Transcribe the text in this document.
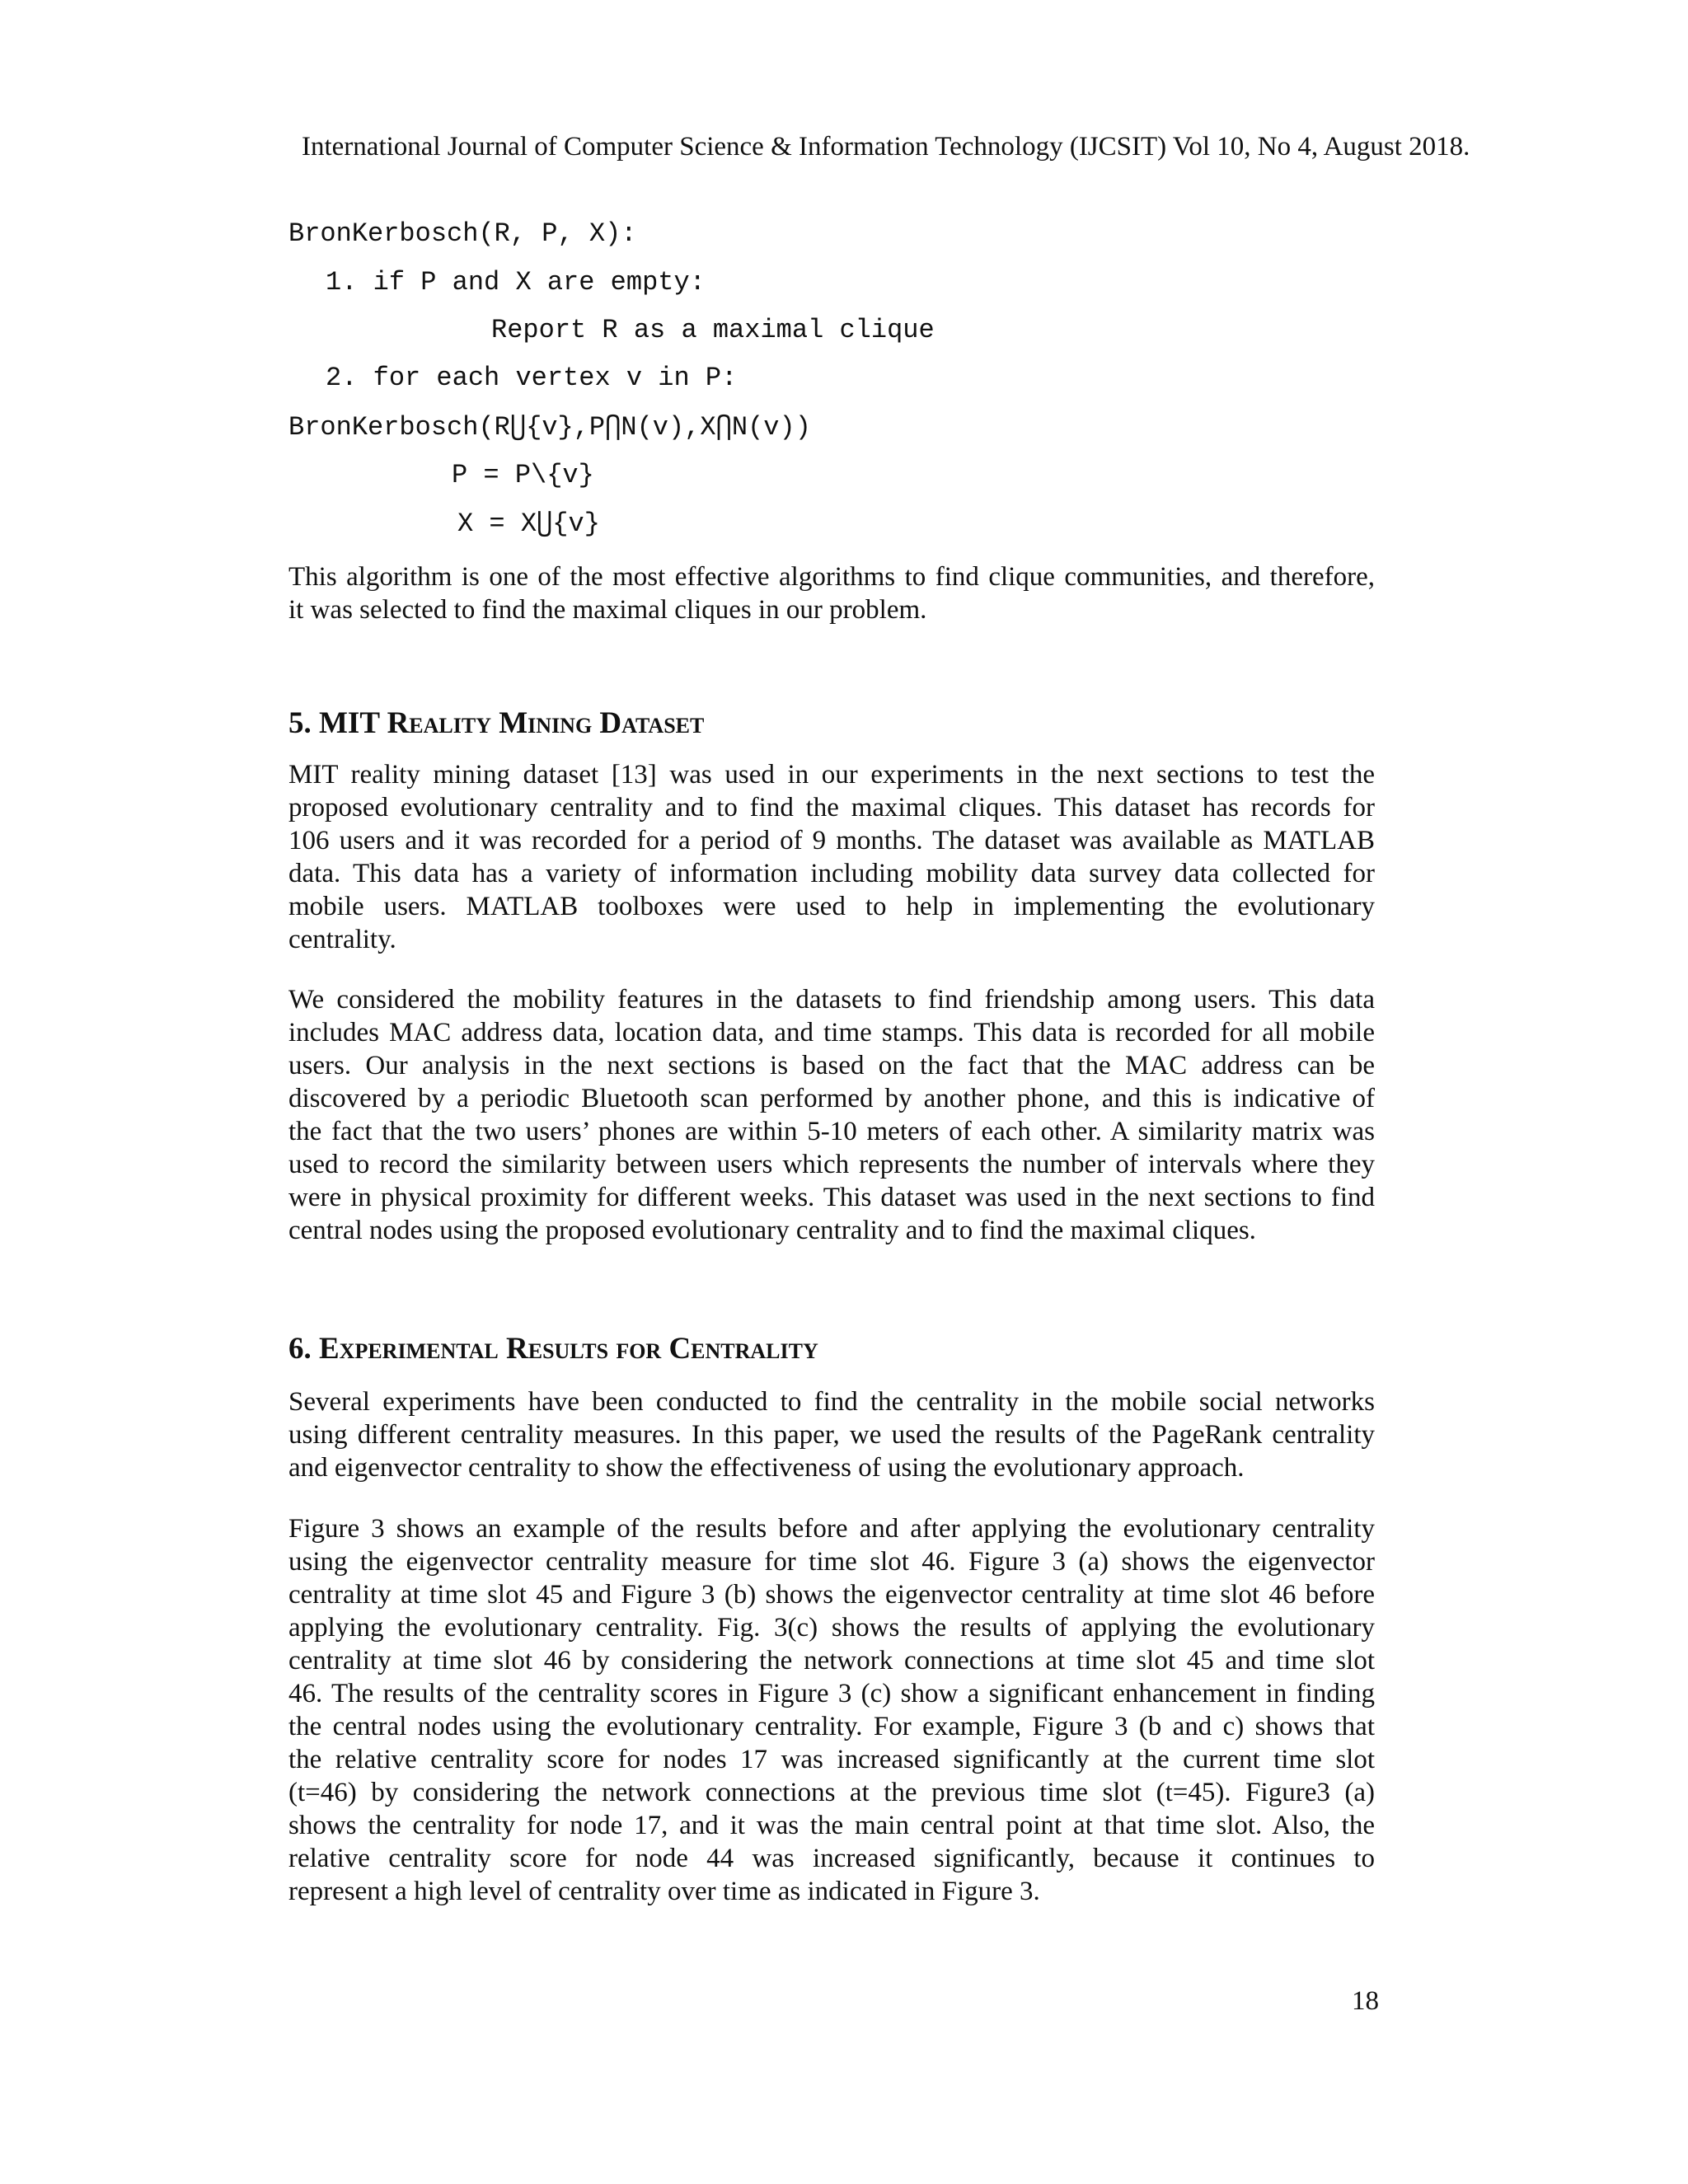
International Journal of Computer Science & Information Technology (IJCSIT) Vol 10, No 4, August 2018.
BronKerbosch(R, P, X):
1. if P and X are empty:
Report R as a maximal clique
2. for each vertex v in P:
BronKerbosch(R⋃{v},P⋂N(v),X⋂N(v))
P = P\{v}
X = X⋃{v}

This algorithm is one of the most effective algorithms to find clique communities, and therefore,
it was selected to find the maximal cliques in our problem.

5. MIT Reality Mining Dataset

MIT reality mining dataset [13] was used in our experiments in the next sections to test the
proposed evolutionary centrality and to find the maximal cliques. This dataset has records for
106 users and it was recorded for a period of 9 months. The dataset was available as MATLAB
data. This data has a variety of information including mobility data survey data collected for
mobile users. MATLAB toolboxes were used to help in implementing the evolutionary
centrality.

We considered the mobility features in the datasets to find friendship among users. This data
includes MAC address data, location data, and time stamps. This data is recorded for all mobile
users. Our analysis in the next sections is based on the fact that the MAC address can be
discovered by a periodic Bluetooth scan performed by another phone, and this is indicative of
the fact that the two users’ phones are within 5-10 meters of each other. A similarity matrix was
used to record the similarity between users which represents the number of intervals where they
were in physical proximity for different weeks. This dataset was used in the next sections to find
central nodes using the proposed evolutionary centrality and to find the maximal cliques.

6. Experimental Results for Centrality

Several experiments have been conducted to find the centrality in the mobile social networks
using different centrality measures. In this paper, we used the results of the PageRank centrality
and eigenvector centrality to show the effectiveness of using the evolutionary approach.

Figure 3 shows an example of the results before and after applying the evolutionary centrality
using the eigenvector centrality measure for time slot 46. Figure 3 (a) shows the eigenvector
centrality at time slot 45 and Figure 3 (b) shows the eigenvector centrality at time slot 46 before
applying the evolutionary centrality. Fig. 3(c) shows the results of applying the evolutionary
centrality at time slot 46 by considering the network connections at time slot 45 and time slot
46. The results of the centrality scores in Figure 3 (c) show a significant enhancement in finding
the central nodes using the evolutionary centrality. For example, Figure 3 (b and c) shows that
the relative centrality score for nodes 17 was increased significantly at the current time slot
(t=46) by considering the network connections at the previous time slot (t=45). Figure3 (a)
shows the centrality for node 17, and it was the main central point at that time slot. Also, the
relative centrality score for node 44 was increased significantly, because it continues to
represent a high level of centrality over time as indicated in Figure 3.

18
